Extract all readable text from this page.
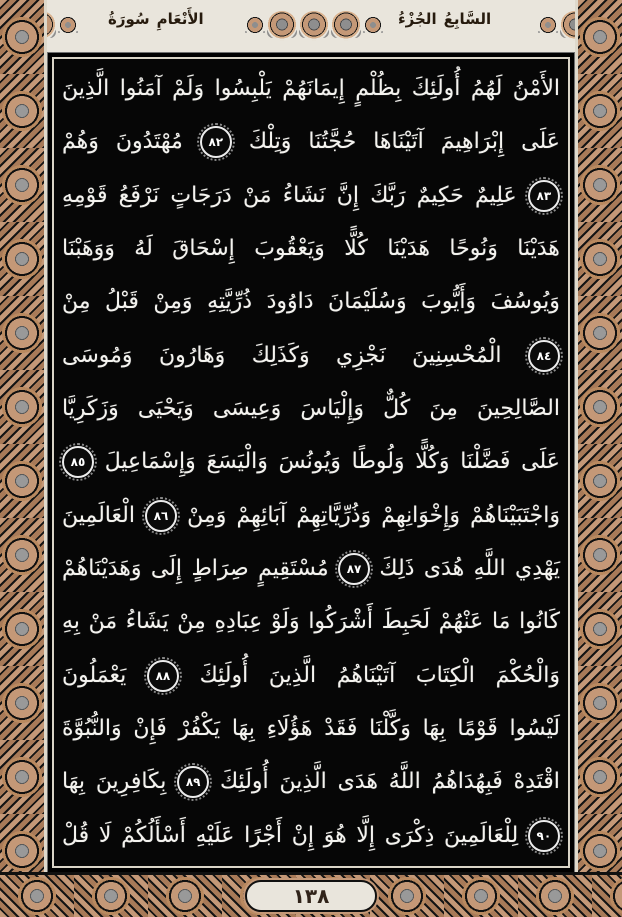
سُورَةُ الأَنْعَامِ	الجُزْءُ السَّابِعُ
الَّذِينَ آمَنُوا وَلَمْ يَلْبِسُوا إِيمَانَهُمْ بِظُلْمٍ أُولَئِكَ لَهُمُ الأَمْنُ
وَهُمْ مُهْتَدُونَ ٨٢ وَتِلْكَ حُجَّتُنَا آتَيْنَاهَا إِبْرَاهِيمَ عَلَى
قَوْمِهِ نَرْفَعُ دَرَجَاتٍ مَنْ نَشَاءُ إِنَّ رَبَّكَ حَكِيمٌ عَلِيمٌ ٨٣
وَوَهَبْنَا لَهُ إِسْحَاقَ وَيَعْقُوبَ كُلًّا هَدَيْنَا وَنُوحًا هَدَيْنَا
مِنْ قَبْلُ وَمِنْ ذُرِّيَّتِهِ دَاوُودَ وَسُلَيْمَانَ وَأَيُّوبَ وَيُوسُفَ
وَمُوسَى وَهَارُونَ وَكَذَلِكَ نَجْزِي الْمُحْسِنِينَ	٨٤
وَزَكَرِيَّا وَيَحْيَى وَعِيسَى وَإِلْيَاسَ كُلٌّ مِنَ الصَّالِحِينَ
٨٥ وَإِسْمَاعِيلَ وَالْيَسَعَ وَيُونُسَ وَلُوطًا وَكُلًّا فَضَّلْنَا عَلَى
الْعَالَمِينَ ٨٦ وَمِنْ آبَائِهِمْ وَذُرِّيَّاتِهِمْ وَإِخْوَانِهِمْ وَاجْتَبَيْنَاهُمْ
وَهَدَيْنَاهُمْ إِلَى صِرَاطٍ مُسْتَقِيمٍ ٨٧ ذَلِكَ هُدَى اللَّهِ يَهْدِي
بِهِ مَنْ يَشَاءُ مِنْ عِبَادِهِ وَلَوْ أَشْرَكُوا لَحَبِطَ عَنْهُمْ مَا كَانُوا
يَعْمَلُونَ ٨٨ أُولَئِكَ الَّذِينَ آتَيْنَاهُمُ الْكِتَابَ وَالْحُكْمَ
وَالنُّبُوَّةَ فَإِنْ يَكْفُرْ بِهَا هَؤُلَاءِ فَقَدْ وَكَّلْنَا بِهَا قَوْمًا لَيْسُوا
بِهَا بِكَافِرِينَ ٨٩ أُولَئِكَ الَّذِينَ هَدَى اللَّهُ فَبِهُدَاهُمُ اقْتَدِهْ
قُلْ لَا أَسْأَلُكُمْ عَلَيْهِ أَجْرًا إِنْ هُوَ إِلَّا ذِكْرَى لِلْعَالَمِينَ ٩٠
١٣٨
